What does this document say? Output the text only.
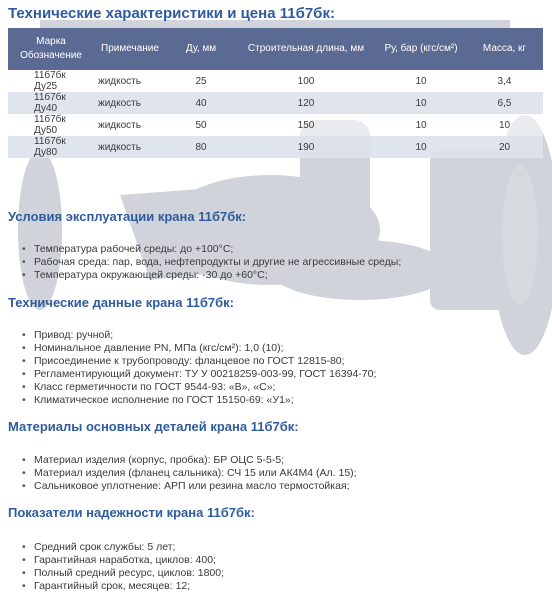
Технические характеристики и цена 11б7бк:
Марка
Обозначение	Примечание	Ду, мм	Строительная длина, мм	Ру, бар (кгс/см²)	Масса, кг
11б7бк Ду25	жидкость	25	100	10	3,4
11б7бк Ду40	жидкость	40	120	10	6,5
11б7бк Ду50	жидкость	50	150	10	10
11б7бк Ду80	жидкость	80	190	10	20
Условия эксплуатации крана 11б7бк:
• Температура рабочей среды: до +100°С;
• Рабочая среда: пар, вода, нефтепродукты и другие не агрессивные среды;
• Температура окружающей среды: -30 до +60°С;
Технические данные крана 11б7бк:
• Привод: ручной;
• Номинальное давление PN, МПа (кгс/см²): 1,0 (10);
• Присоединение к трубопроводу: фланцевое по ГОСТ 12815-80;
• Регламентирующий документ: ТУ У 00218259-003-99, ГОСТ 16394-70;
• Класс герметичности по ГОСТ 9544-93: «В», «С»;
• Климатическое исполнение по ГОСТ 15150-69: «У1»;
Материалы основных деталей крана 11б7бк:
• Материал изделия (корпус, пробка): БР ОЦС 5-5-5;
• Материал изделия (фланец сальника): СЧ 15 или АК4М4 (Ал. 15);
• Сальниковое уплотнение: АРП или резина масло термостойкая;
Показатели надежности крана 11б7бк:
• Средний срок службы: 5 лет;
• Гарантийная наработка, циклов: 400;
• Полный средний ресурс, циклов: 1800;
• Гарантийный срок, месяцев: 12;
